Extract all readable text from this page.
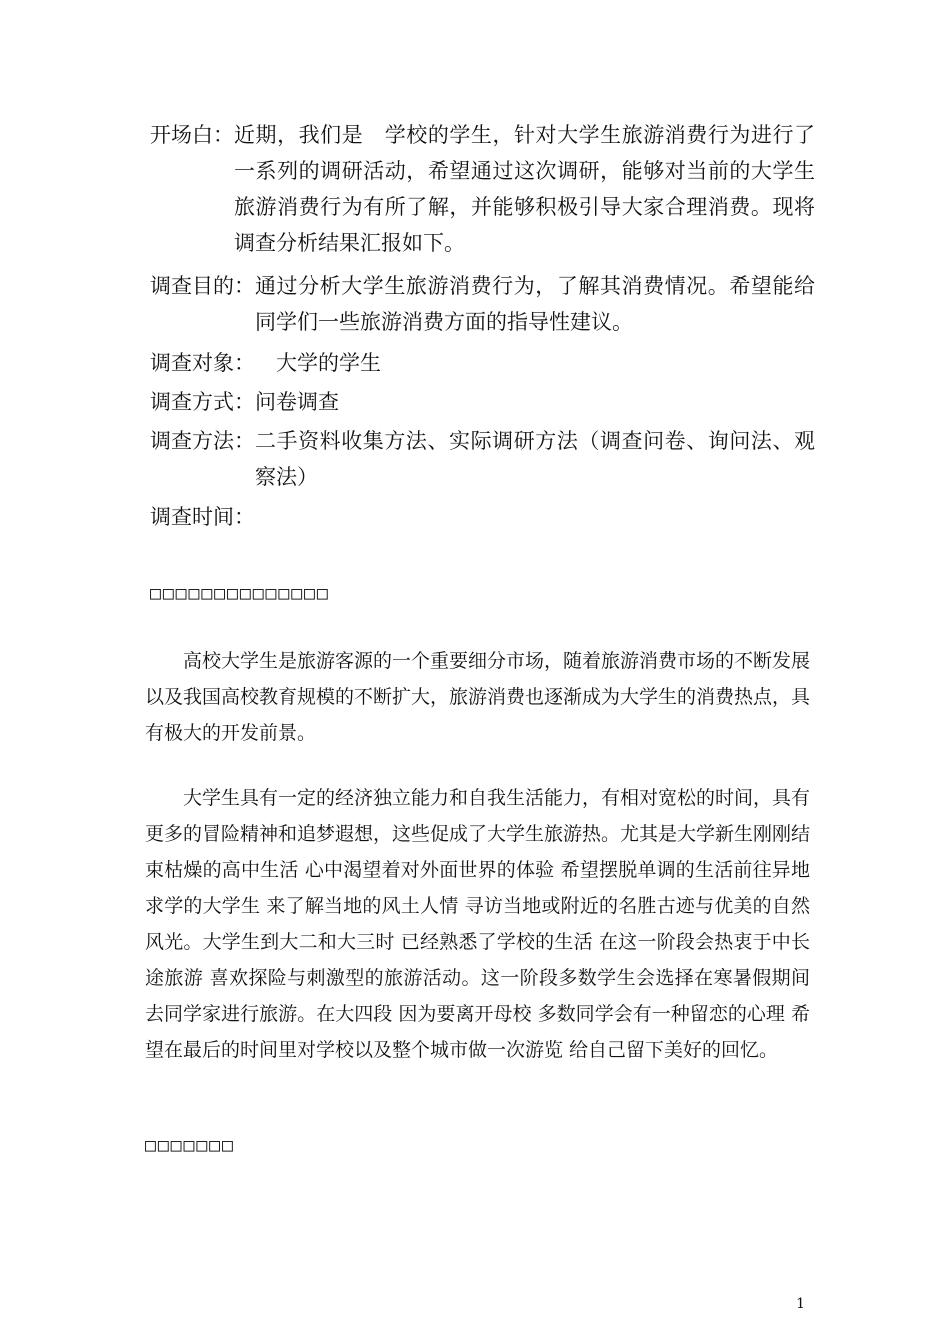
开场白： 近期，我们是　学校的学生，针对大学生旅游消费行为进行了一系列的调研活动，希望通过这次调研，能够对当前的大学生旅游消费行为有所了解，并能够积极引导大家合理消费。现将调查分析结果汇报如下。
调查目的： 通过分析大学生旅游消费行为，了解其消费情况。希望能给同学们一些旅游消费方面的指导性建议。
调查对象： 　大学的学生
调查方式： 问卷调查
调查方法： 二手资料收集方法、实际调研方法（调查问卷、询问法、观察法）
调查时间：
□□□□□□□□□□□□□□
高校大学生是旅游客源的一个重要细分市场，随着旅游消费市场的不断发展以及我国高校教育规模的不断扩大，旅游消费也逐渐成为大学生的消费热点，具有极大的开发前景。
大学生具有一定的经济独立能力和自我生活能力，有相对宽松的时间，具有更多的冒险精神和追梦遐想，这些促成了大学生旅游热。尤其是大学新生刚刚结束枯燥的高中生活 心中渴望着对外面世界的体验 希望摆脱单调的生活前往异地求学的大学生 来了解当地的风土人情 寻访当地或附近的名胜古迹与优美的自然风光。大学生到大二和大三时 已经熟悉了学校的生活 在这一阶段会热衷于中长途旅游 喜欢探险与刺激型的旅游活动。这一阶段多数学生会选择在寒暑假期间去同学家进行旅游。在大四段 因为要离开母校 多数同学会有一种留恋的心理 希望在最后的时间里对学校以及整个城市做一次游览 给自己留下美好的回忆。
□□□□□□□
1
